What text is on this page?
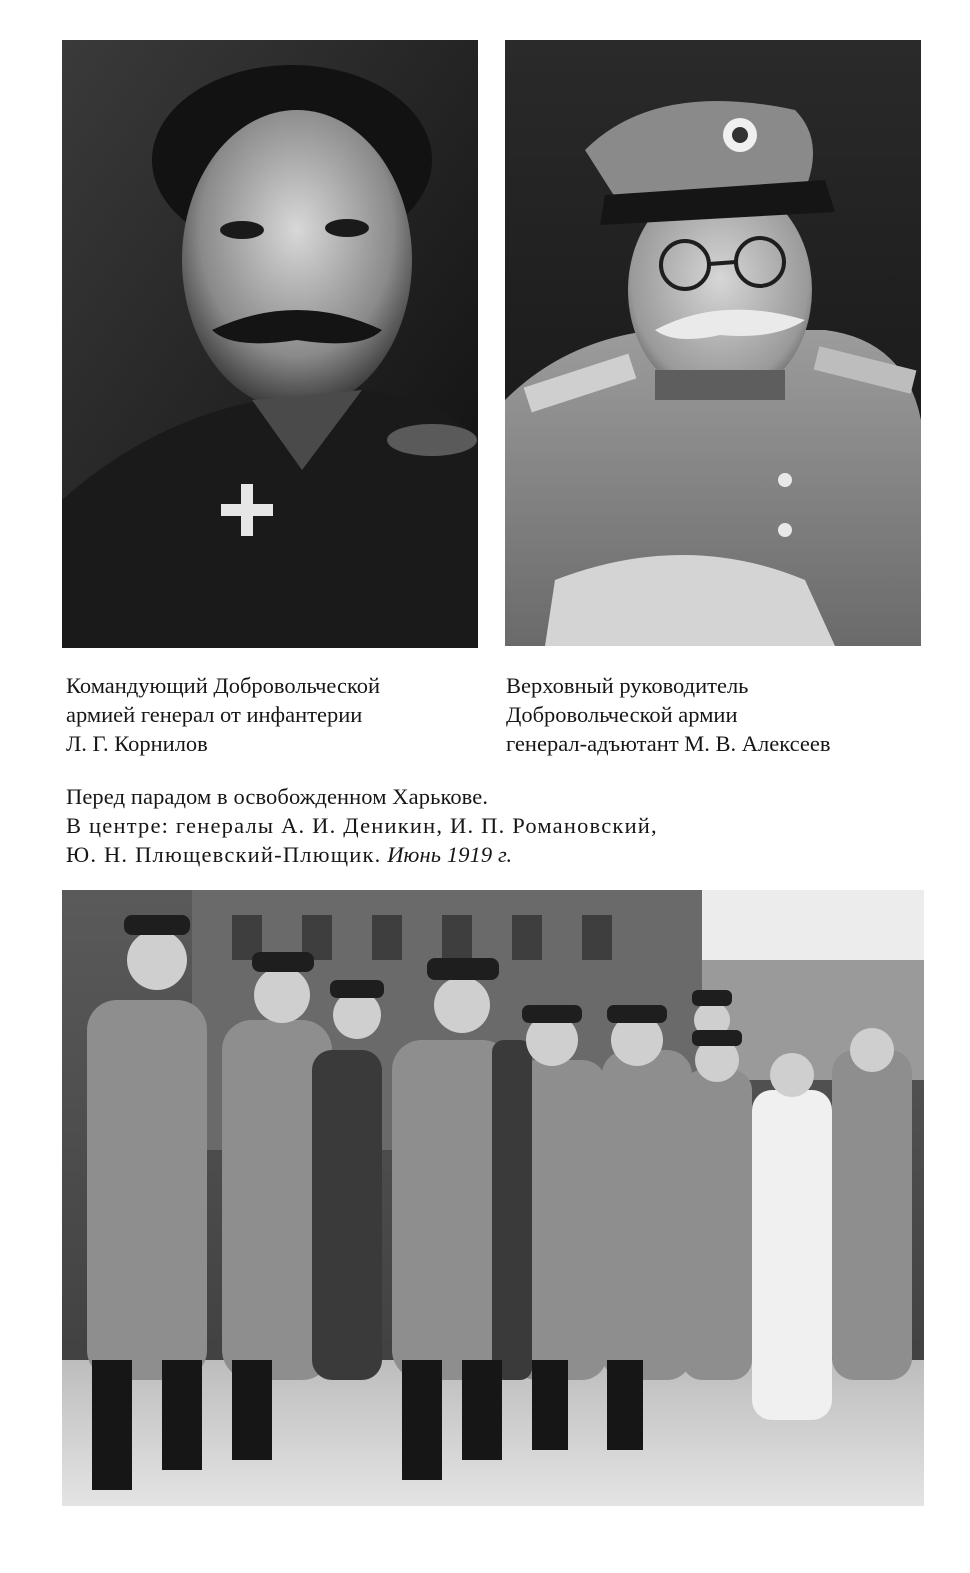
Командующий Добровольческой
армией генерал от инфантерии
Л. Г. Корнилов
Верховный руководитель
Добровольческой армии
генерал-адъютант М. В. Алексеев
Перед парадом в освобожденном Харькове.
В центре: генералы А. И. Деникин, И. П. Романовский,
Ю. Н. Плющевский-Плющик. Июнь 1919 г.
